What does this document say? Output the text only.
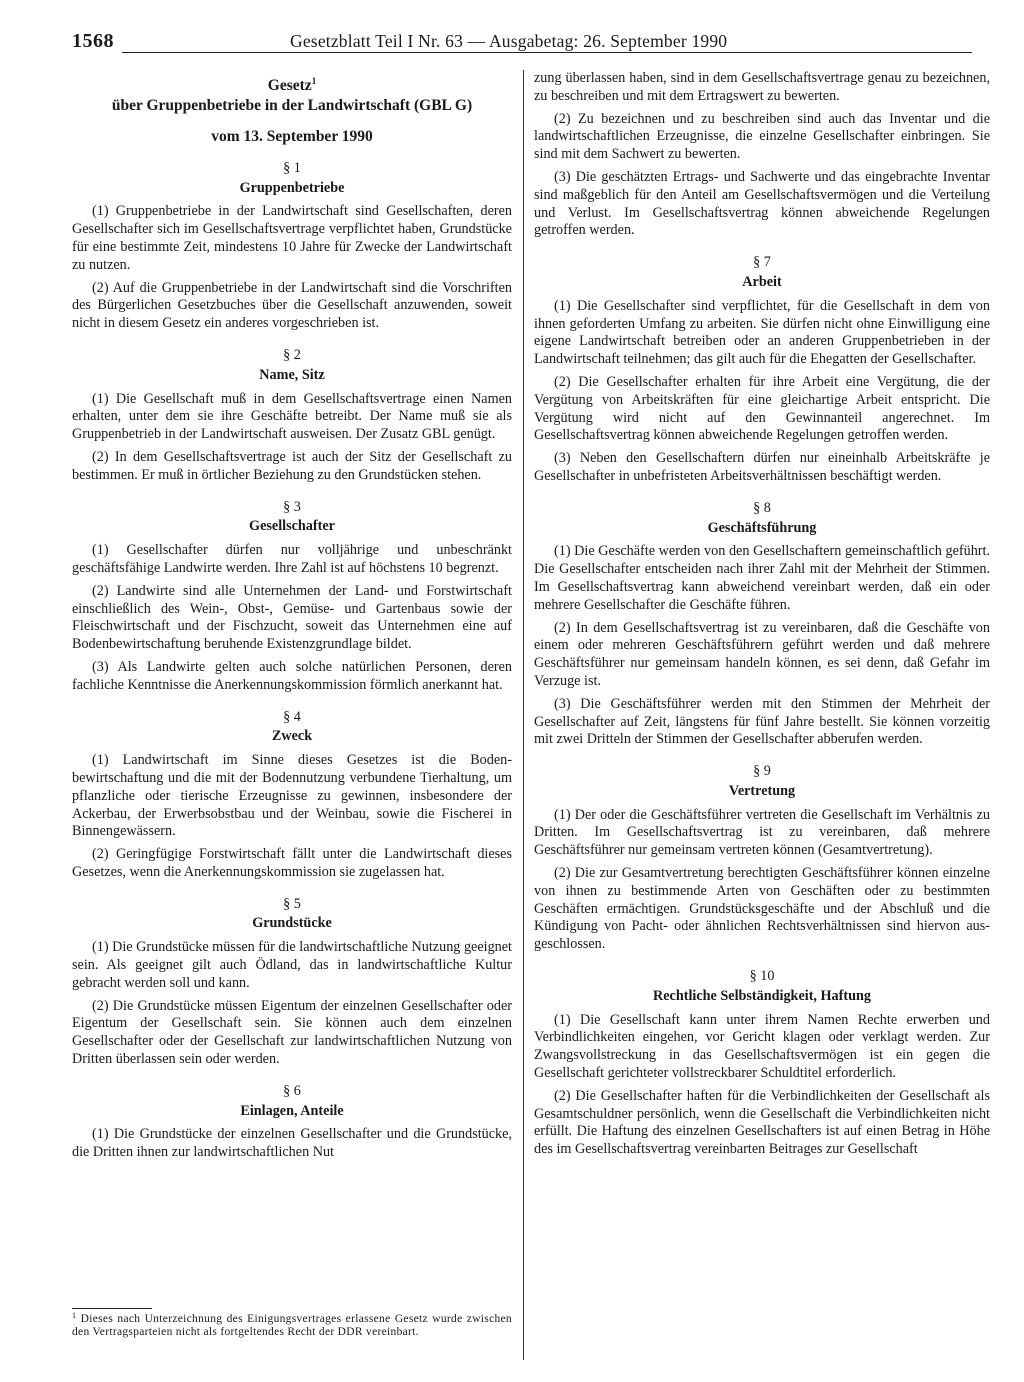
1568	Gesetzblatt Teil I Nr. 63 — Ausgabetag: 26. September 1990
Gesetz$^1$
über Gruppenbetriebe in der Landwirtschaft (GBL G)
vom 13. September 1990
§ 1
Gruppenbetriebe

(1) Gruppenbetriebe in der Landwirtschaft sind Gesellschaften, deren Gesellschafter sich im Gesellschaftsvertrage verpflichtet haben, Grundstücke für eine bestimmte Zeit, mindestens 10 Jahre für Zwecke der Landwirtschaft zu nutzen.

(2) Auf die Gruppenbetriebe in der Landwirtschaft sind die Vorschriften des Bürgerlichen Gesetzbuches über die Gesellschaft anzuwenden, soweit nicht in diesem Gesetz ein anderes vorgeschrieben ist.

§ 2
Name, Sitz

(1) Die Gesellschaft muß in dem Gesellschaftsvertrage einen Namen erhalten, unter dem sie ihre Geschäfte betreibt. Der Name muß sie als Gruppenbetrieb in der Landwirtschaft ausweisen. Der Zusatz GBL genügt.

(2) In dem Gesellschaftsvertrage ist auch der Sitz der Gesellschaft zu bestimmen. Er muß in örtlicher Beziehung zu den Grundstücken stehen.

§ 3
Gesellschafter

(1) Gesellschafter dürfen nur volljährige und unbeschränkt geschäftsfähige Landwirte werden. Ihre Zahl ist auf höchstens 10 begrenzt.

(2) Landwirte sind alle Unternehmen der Land- und Forstwirtschaft einschließlich des Wein-, Obst-, Gemüse- und Gartenbaus sowie der Fleischwirtschaft und der Fischzucht, soweit das Unternehmen eine auf Bodenbewirtschaftung beruhende Existenzgrundlage bildet.

(3) Als Landwirte gelten auch solche natürlichen Personen, deren fachliche Kenntnisse die Anerkennungskommission förmlich anerkannt hat.

§ 4
Zweck

(1) Landwirtschaft im Sinne dieses Gesetzes ist die Bodenbewirtschaftung und die mit der Bodennutzung verbundene Tierhaltung, um pflanzliche oder tierische Erzeugnisse zu gewinnen, insbesondere der Ackerbau, der Erwerbsobstbau und der Weinbau, sowie die Fischerei in Binnengewässern.

(2) Geringfügige Forstwirtschaft fällt unter die Landwirtschaft dieses Gesetzes, wenn die Anerkennungskommission sie zugelassen hat.

§ 5
Grundstücke

(1) Die Grundstücke müssen für die landwirtschaftliche Nutzung geeignet sein. Als geeignet gilt auch Ödland, das in landwirtschaftliche Kultur gebracht werden soll und kann.

(2) Die Grundstücke müssen Eigentum der einzelnen Gesellschafter oder Eigentum der Gesellschaft sein. Sie können auch dem einzelnen Gesellschafter oder der Gesellschaft zur landwirtschaftlichen Nutzung von Dritten überlassen sein oder werden.

§ 6
Einlagen, Anteile

(1) Die Grundstücke der einzelnen Gesellschafter und die Grundstücke, die Dritten ihnen zur landwirtschaftlichen Nut

$^1$ Dieses nach Unterzeichnung des Einigungsvertrages erlassene Gesetz wurde zwischen den Vertragsparteien nicht als fortgeltendes Recht der DDR vereinbart.

zung überlassen haben, sind in dem Gesellschaftsvertrage genau zu bezeichnen, zu beschreiben und mit dem Ertragswert zu bewerten.

(2) Zu bezeichnen und zu beschreiben sind auch das Inventar und die landwirtschaftlichen Erzeugnisse, die einzelne Gesellschafter einbringen. Sie sind mit dem Sachwert zu bewerten.

(3) Die geschätzten Ertrags- und Sachwerte und das eingebrachte Inventar sind maßgeblich für den Anteil am Gesellschaftsvermögen und die Verteilung und Verlust. Im Gesellschaftsvertrag können abweichende Regelungen getroffen werden.

§ 7
Arbeit

(1) Die Gesellschafter sind verpflichtet, für die Gesellschaft in dem von ihnen geforderten Umfang zu arbeiten. Sie dürfen nicht ohne Einwilligung eine eigene Landwirtschaft betreiben oder an anderen Gruppenbetrieben in der Landwirtschaft teilnehmen; das gilt auch für die Ehegatten der Gesellschafter.

(2) Die Gesellschafter erhalten für ihre Arbeit eine Vergütung, die der Vergütung von Arbeitskräften für eine gleichartige Arbeit entspricht. Die Vergütung wird nicht auf den Gewinnanteil angerechnet. Im Gesellschaftsvertrag können abweichende Regelungen getroffen werden.

(3) Neben den Gesellschaftern dürfen nur eineinhalb Arbeitskräfte je Gesellschafter in unbefristeten Arbeitsverhältnissen beschäftigt werden.

§ 8
Geschäftsführung

(1) Die Geschäfte werden von den Gesellschaftern gemeinschaftlich geführt. Die Gesellschafter entscheiden nach ihrer Zahl mit der Mehrheit der Stimmen. Im Gesellschaftsvertrag kann abweichend vereinbart werden, daß ein oder mehrere Gesellschafter die Geschäfte führen.

(2) In dem Gesellschaftsvertrag ist zu vereinbaren, daß die Geschäfte von einem oder mehreren Geschäftsführern geführt werden und daß mehrere Geschäftsführer nur gemeinsam handeln können, es sei denn, daß Gefahr im Verzuge ist.

(3) Die Geschäftsführer werden mit den Stimmen der Mehrheit der Gesellschafter auf Zeit, längstens für fünf Jahre bestellt. Sie können vorzeitig mit zwei Dritteln der Stimmen der Gesellschafter abberufen werden.

§ 9
Vertretung

(1) Der oder die Geschäftsführer vertreten die Gesellschaft im Verhältnis zu Dritten. Im Gesellschaftsvertrag ist zu vereinbaren, daß mehrere Geschäftsführer nur gemeinsam vertreten können (Gesamtvertretung).

(2) Die zur Gesamtvertretung berechtigten Geschäftsführer können einzelne von ihnen zu bestimmende Arten von Geschäften oder zu bestimmten Geschäften ermächtigen. Grundstücksgeschäfte und der Abschluß und die Kündigung von Pacht- oder ähnlichen Rechtsverhältnissen sind hiervon ausgeschlossen.

§ 10
Rechtliche Selbständigkeit, Haftung

(1) Die Gesellschaft kann unter ihrem Namen Rechte erwerben und Verbindlichkeiten eingehen, vor Gericht klagen oder verklagt werden. Zur Zwangsvollstreckung in das Gesellschaftsvermögen ist ein gegen die Gesellschaft gerichteter vollstreckbarer Schuldtitel erforderlich.

(2) Die Gesellschafter haften für die Verbindlichkeiten der Gesellschaft als Gesamtschuldner persönlich, wenn die Gesellschaft die Verbindlichkeiten nicht erfüllt. Die Haftung des einzelnen Gesellschafters ist auf einen Betrag in Höhe des im Gesellschaftsvertrag vereinbarten Beitrages zur Gesellschaft
